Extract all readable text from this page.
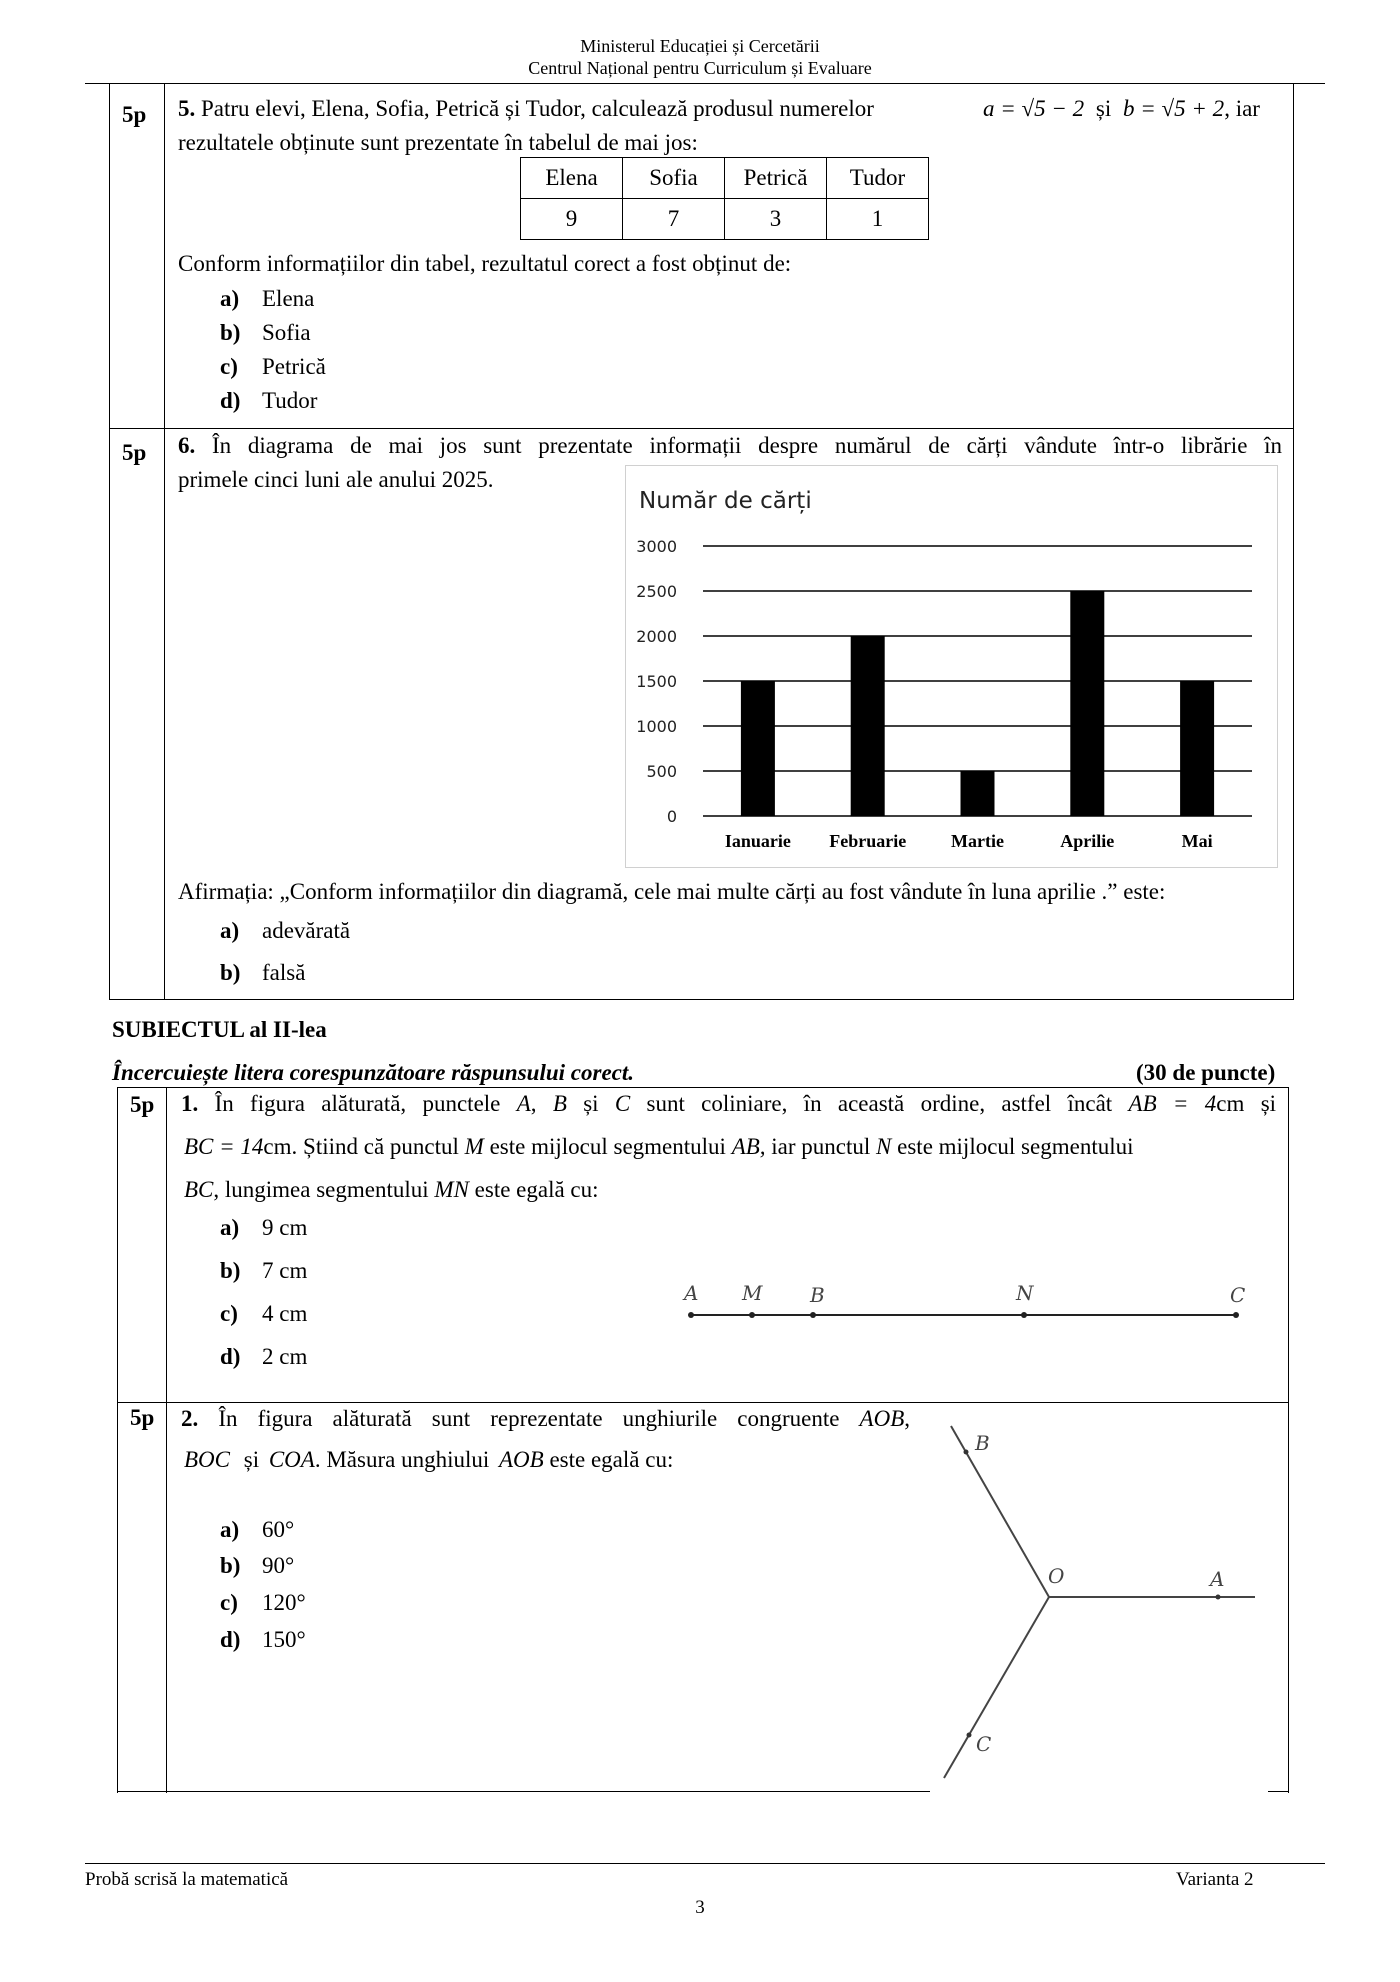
Ministerul Educației și Cercetării
Centrul Național pentru Curriculum și Evaluare
5p 5. Patru elevi, Elena, Sofia, Petrică și Tudor, calculează produsul numerelor	a = √5 − 2 și b = √5 + 2, iar
rezultatele obținute sunt prezentate în tabelul de mai jos:
Elena	Sofia	Petrică	Tudor
9	7	3	1
Conform informațiilor din tabel, rezultatul corect a fost obținut de:
a) Elena
b) Sofia
c) Petrică
d) Tudor
5p 6. În diagrama de mai jos sunt prezentate informații despre numărul de cărți vândute într-o librărie în
primele cinci luni ale anului 2025.
Număr de cărți
0
500
1000
1500
2000
2500
3000
Ianuarie Februarie Martie	Aprilie	Mai
Afirmația: „Conform informațiilor din diagramă, cele mai multe cărți au fost vândute în luna aprilie .” este:
a) adevărată
b) falsă
SUBIECTUL al II-lea
Încercuiește litera corespunzătoare răspunsului corect.	(30 de puncte)
5p 1. În figura alăturată, punctele A, B și C sunt coliniare, în această ordine, astfel încât AB = 4cm și
BC = 14cm. Știind că punctul M este mijlocul segmentului AB, iar punctul N este mijlocul segmentului
BC, lungimea segmentului MN este egală cu:
a) 9 cm
b) 7 cm
c) 4 cm
d) 2 cm
A M B	N	C
5p 2. În figura alăturată sunt reprezentate unghiurile congruente AOB,
BOC și COA. Măsura unghiului AOB este egală cu:
a) 60°
b) 90°
c) 120°
d) 150°
B
O	A
C
Probă scrisă la matematică	Varianta 2
3
